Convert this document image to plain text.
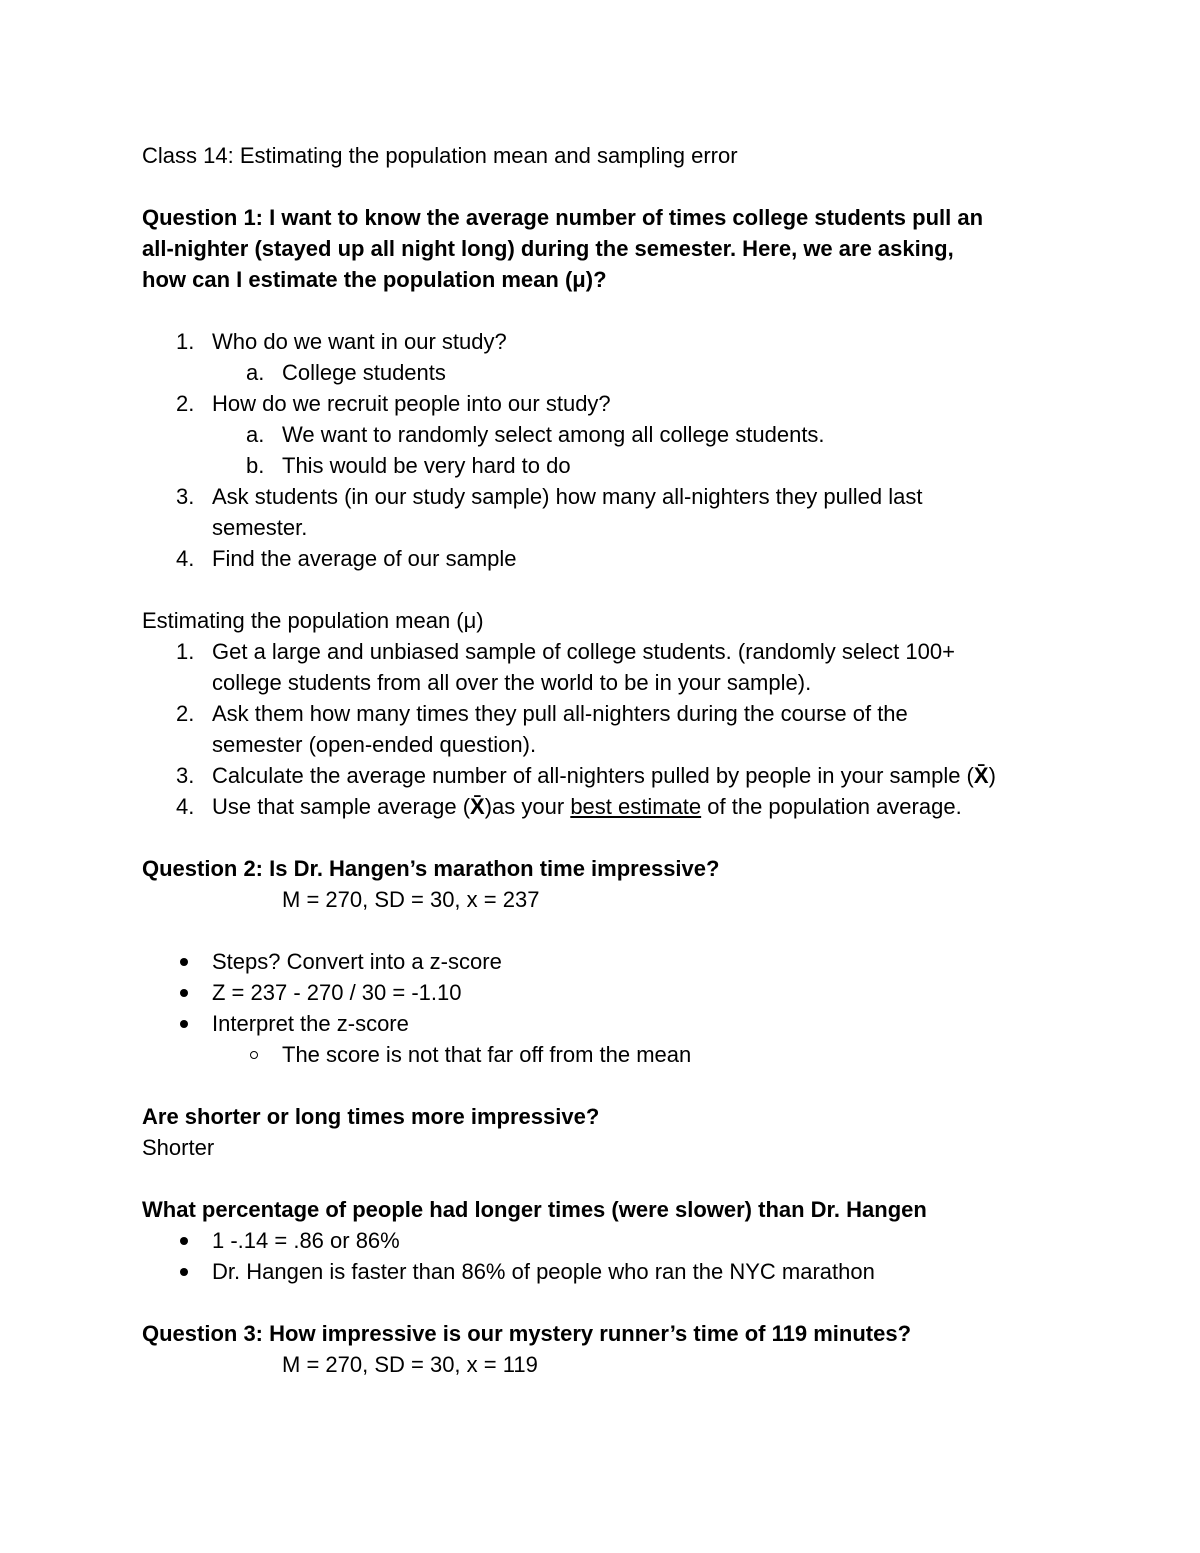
Class 14: Estimating the population mean and sampling error
Question 1: I want to know the average number of times college students pull an
all-nighter (stayed up all night long) during the semester. Here, we are asking,
how can I estimate the population mean (μ)?
1. Who do we want in our study?
a. College students
2. How do we recruit people into our study?
a. We want to randomly select among all college students.
b. This would be very hard to do
3. Ask students (in our study sample) how many all-nighters they pulled last
semester.
4. Find the average of our sample
Estimating the population mean (μ)
1. Get a large and unbiased sample of college students. (randomly select 100+
college students from all over the world to be in your sample).
2. Ask them how many times they pull all-nighters during the course of the
semester (open-ended question).
3. Calculate the average number of all-nighters pulled by people in your sample (X̄)
4. Use that sample average (X̄)as your best estimate of the population average.
Question 2: Is Dr. Hangen’s marathon time impressive?
M = 270, SD = 30, x = 237
Steps? Convert into a z-score
Z = 237 - 270 / 30 = -1.10
Interpret the z-score
The score is not that far off from the mean
Are shorter or long times more impressive?
Shorter
What percentage of people had longer times (were slower) than Dr. Hangen
1 -.14 = .86 or 86%
Dr. Hangen is faster than 86% of people who ran the NYC marathon
Question 3: How impressive is our mystery runner’s time of 119 minutes?
M = 270, SD = 30, x = 119
